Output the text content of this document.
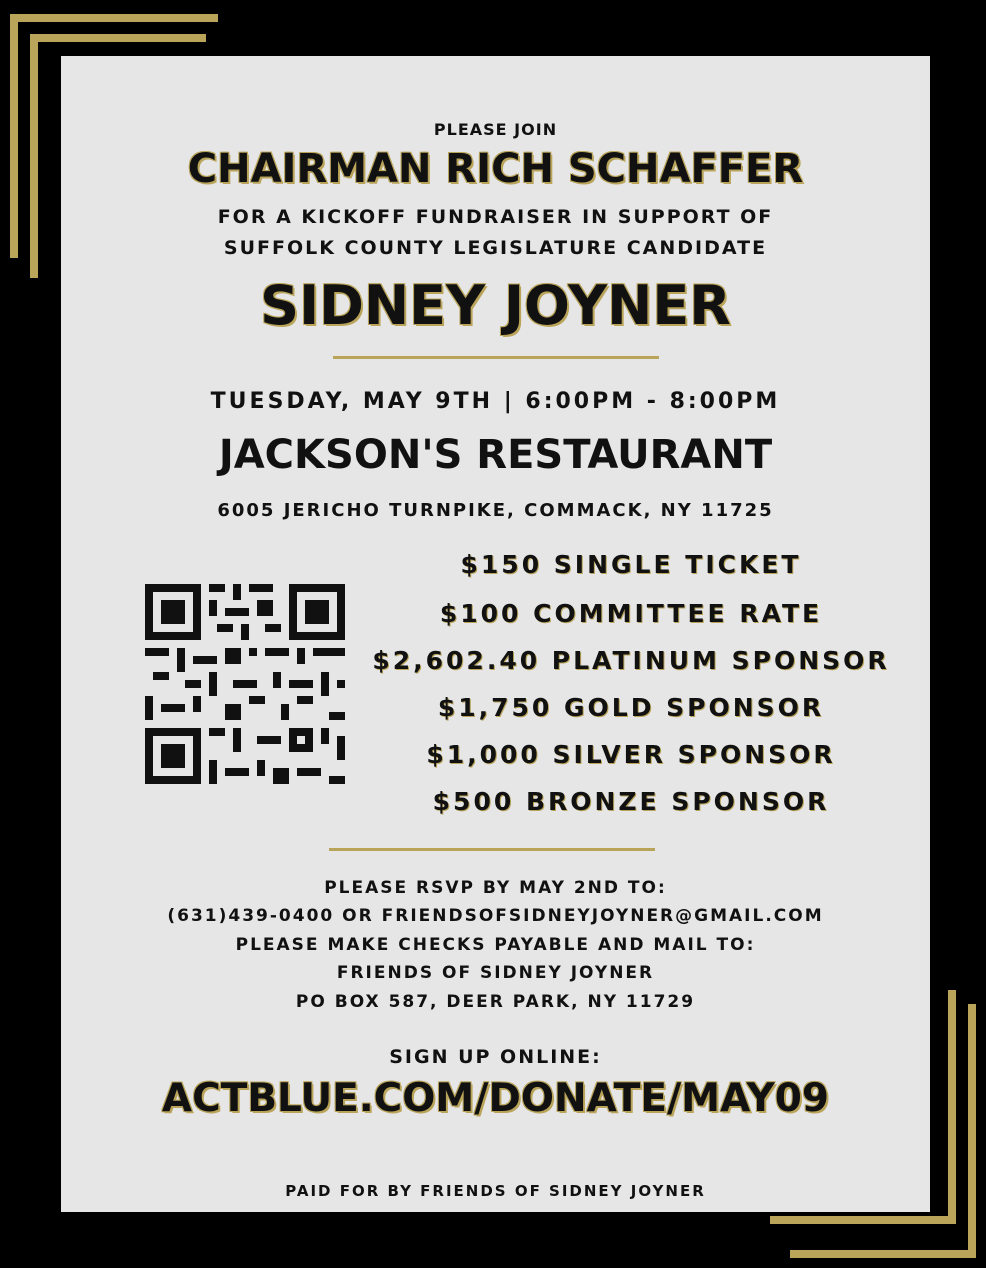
PLEASE JOIN
CHAIRMAN RICH SCHAFFER
FOR A KICKOFF FUNDRAISER IN SUPPORT OF
SUFFOLK COUNTY LEGISLATURE CANDIDATE
SIDNEY JOYNER
TUESDAY, MAY 9TH | 6:00PM - 8:00PM
JACKSON'S RESTAURANT
6005 JERICHO TURNPIKE, COMMACK, NY 11725
$150 SINGLE TICKET
$100 COMMITTEE RATE
$2,602.40 PLATINUM SPONSOR
$1,750 GOLD SPONSOR
$1,000 SILVER SPONSOR
$500 BRONZE SPONSOR
PLEASE RSVP BY MAY 2ND TO:
(631)439-0400 OR FRIENDSOFSIDNEYJOYNER@GMAIL.COM
PLEASE MAKE CHECKS PAYABLE AND MAIL TO:
FRIENDS OF SIDNEY JOYNER
PO BOX 587, DEER PARK, NY 11729
SIGN UP ONLINE:
ACTBLUE.COM/DONATE/MAY09
PAID FOR BY FRIENDS OF SIDNEY JOYNER
